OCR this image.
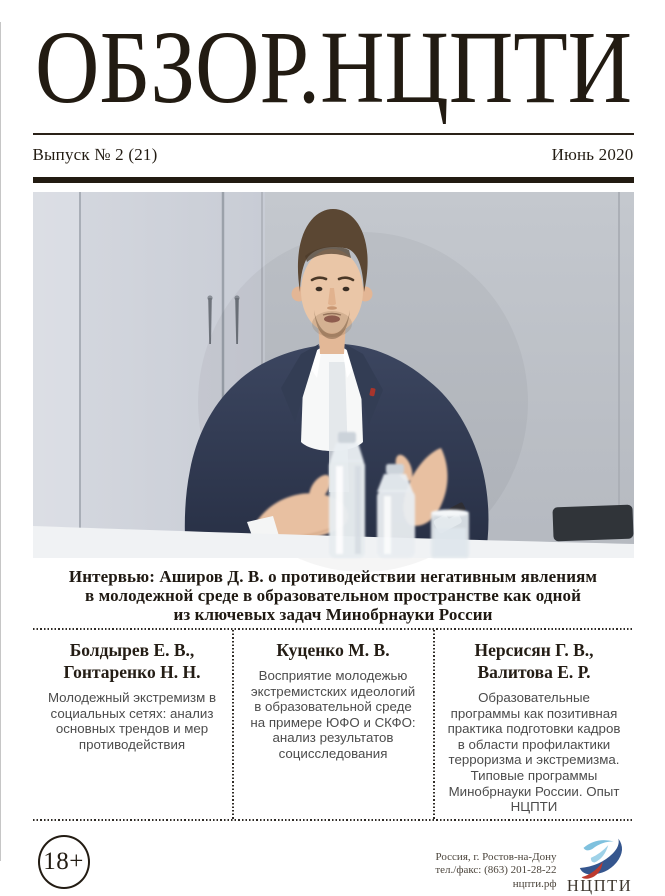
ОБЗОР.НЦПТИ
Выпуск № 2 (21)	Июнь 2020
Интервью: Аширов Д. В. о противодействии негативным явлениям
в молодежной среде в образовательном пространстве как одной
из ключевых задач Минобрнауки России
Болдырев Е. В., Гонтаренко Н. Н.

Молодежный экстремизм в социальных сетях: анализ основных трендов и мер противодействия

Куценко М. В.

Восприятие молодежью экстремистских идеологий в образовательной среде на примере ЮФО и СКФО: анализ результатов социсследования

Нерсисян Г. В., Валитова Е. Р.

Образовательные программы как позитивная практика подготовки кадров в области профилактики терроризма и экстремизма. Типовые программы Минобрнауки России. Опыт НЦПТИ

18+	Россия, г. Ростов-на-Дону
тел./факс: (863) 201-28-22
нцпти.рф НЦПТИ
